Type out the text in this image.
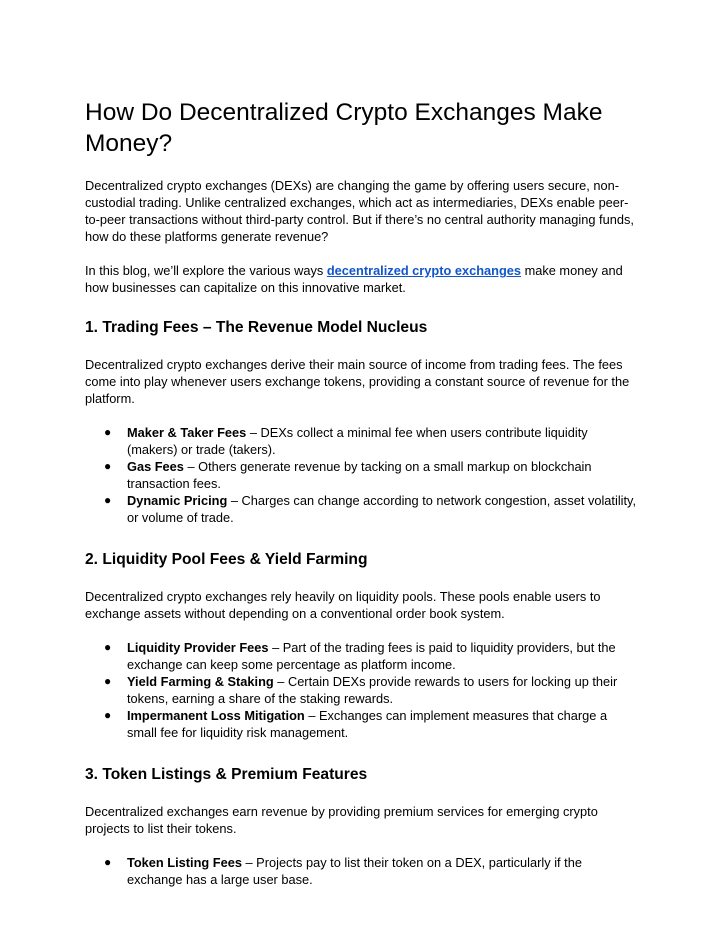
How Do Decentralized Crypto Exchanges Make Money?

Decentralized crypto exchanges (DEXs) are changing the game by offering users secure, non-custodial trading. Unlike centralized exchanges, which act as intermediaries, DEXs enable peer-to-peer transactions without third-party control. But if there’s no central authority managing funds, how do these platforms generate revenue?

In this blog, we’ll explore the various ways decentralized crypto exchanges make money and how businesses can capitalize on this innovative market.

1. Trading Fees – The Revenue Model Nucleus

Decentralized crypto exchanges derive their main source of income from trading fees. The fees come into play whenever users exchange tokens, providing a constant source of revenue for the platform.

● Maker & Taker Fees – DEXs collect a minimal fee when users contribute liquidity (makers) or trade (takers).
● Gas Fees – Others generate revenue by tacking on a small markup on blockchain transaction fees.
● Dynamic Pricing – Charges can change according to network congestion, asset volatility, or volume of trade.
2. Liquidity Pool Fees & Yield Farming

Decentralized crypto exchanges rely heavily on liquidity pools. These pools enable users to exchange assets without depending on a conventional order book system.

● Liquidity Provider Fees – Part of the trading fees is paid to liquidity providers, but the exchange can keep some percentage as platform income.
● Yield Farming & Staking – Certain DEXs provide rewards to users for locking up their tokens, earning a share of the staking rewards.
● Impermanent Loss Mitigation – Exchanges can implement measures that charge a small fee for liquidity risk management.
3. Token Listings & Premium Features

Decentralized exchanges earn revenue by providing premium services for emerging crypto projects to list their tokens.

● Token Listing Fees – Projects pay to list their token on a DEX, particularly if the exchange has a large user base.
